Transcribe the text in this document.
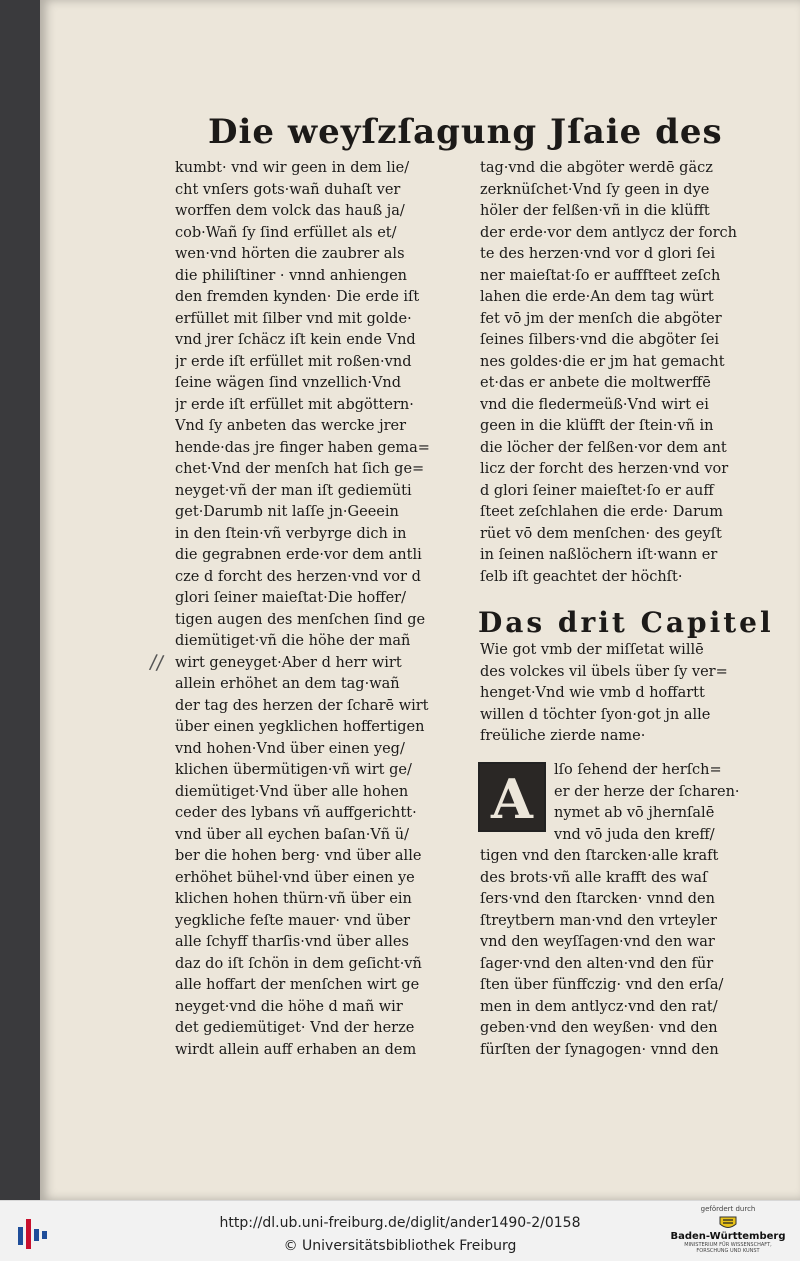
Die weyſzſagung Jſaie des
kumbt· vnd wir geen in dem lie/
cht vnſers gots·wañ duhaſt ver
worffen dem volck das hauß ja/
cob·Wañ ſy ſind erfüllet als et/
wen·vnd hörten die zaubrer als
die philiſtiner · vnnd anhiengen
den fremden kynden· Die erde iſt
erfüllet mit ſilber vnd mit golde·
vnd jrer ſchäcz iſt kein ende Vnd
jr erde iſt erfüllet mit roßen·vnd
ſeine wägen ſind vnzellich·Vnd
jr erde iſt erfüllet mit abgöttern·
Vnd ſy anbeten das wercke jrer
hende·das jre finger haben gema=
chet·Vnd der menſch hat ſich ge=
neyget·vñ der man iſt gediemüti
get·Darumb nit laſſe jn·Geeein
in den ſtein·vñ verbyrge dich in
die gegrabnen erde·vor dem antli
cze d forcht des herzen·vnd vor d
glori ſeiner maieſtat·Die hoffer/
tigen augen des menſchen ſind ge
diemütiget·vñ die höhe der mañ
wirt geneyget·Aber d herr wirt
allein erhöhet an dem tag·wañ
der tag des herzen der ſcharē wirt
über einen yegklichen hoffertigen
vnd hohen·Vnd über einen yeg/
klichen übermütigen·vñ wirt ge/
diemütiget·Vnd über alle hohen
ceder des lybans vñ auffgerichtt·
vnd über all eychen baſan·Vñ ü/
ber die hohen berg· vnd über alle
erhöhet bühel·vnd über einen ye
klichen hohen thürn·vñ über ein
yegkliche feſte mauer· vnd über
alle ſchyff tharſis·vnd über alles
daz do iſt ſchön in dem geſicht·vñ
alle hoffart der menſchen wirt ge
neyget·vnd die höhe d mañ wir
det gediemütiget· Vnd der herze
wirdt allein auff erhaben an dem
tag·vnd die abgöter werdē gäcz
zerknüſchet·Vnd ſy geen in dye
höler der felßen·vñ in die klüfft
der erde·vor dem antlycz der forch
te des herzen·vnd vor d glori ſei
ner maieſtat·ſo er aufffteet zeſch
lahen die erde·An dem tag würt
fet vō jm der menſch die abgöter
ſeines ſilbers·vnd die abgöter ſei
nes goldes·die er jm hat gemacht
et·das er anbete die moltwerffē
vnd die fledermeüß·Vnd wirt ei
geen in die klüfft der ſtein·vñ in
die löcher der felßen·vor dem ant
licz der forcht des herzen·vnd vor
d glori ſeiner maieſtet·ſo er auff
ſteet zeſchlahen die erde· Darum
rüet vō dem menſchen· des geyſt
in ſeinen naßlöchern iſt·wann er
ſelb iſt geachtet der höchſt·
Das drit Capitel
Wie got vmb der miſſetat willē
des volckes vil übels über ſy ver=
henget·Vnd wie vmb d hoffartt
willen d töchter ſyon·got jn alle
freüliche zierde name·
A	lſo ſehend der herſch=
er der herze der ſcharen·
nymet ab vō jhernſalē
vnd vō juda den kreff/
tigen vnd den ſtarcken·alle kraft
des brots·vñ alle krafft des waſ
ſers·vnd den ſtarcken· vnnd den
ſtreytbern man·vnd den vrteyler
vnd den weyſſagen·vnd den war
ſager·vnd den alten·vnd den für
ſten über fünffczig· vnd den erſa/
men in dem antlycz·vnd den rat/
geben·vnd den weyßen· vnd den
fürſten der ſynagogen· vnnd den
//
http://dl.ub.uni-freiburg.de/diglit/ander1490-2/0158
© Universitätsbibliothek Freiburg
gefördert durch
Baden-Württemberg
MINISTERIUM FÜR WISSENSCHAFT, FORSCHUNG UND KUNST
